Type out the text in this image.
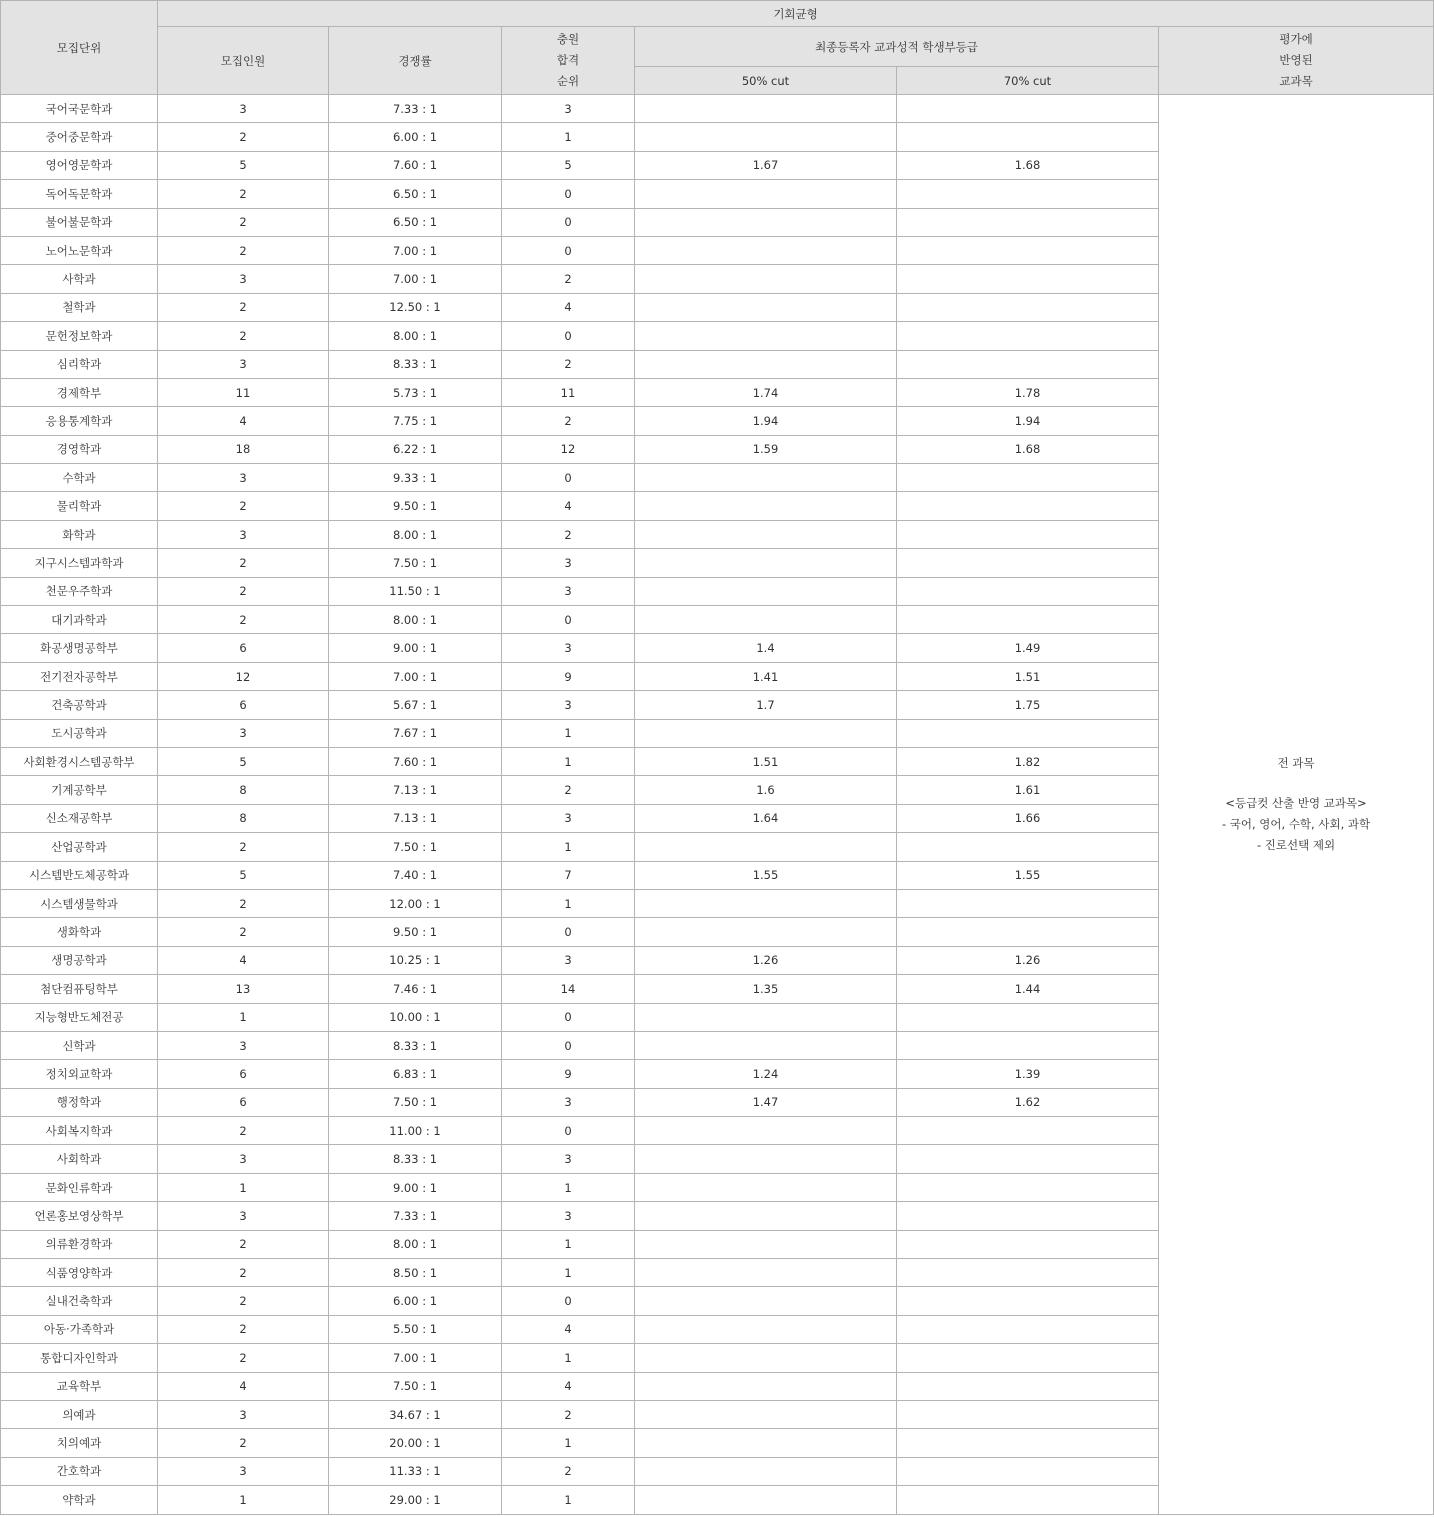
모집단위	기회균형					
	모집인원	경쟁률	충원
합격
순위	최종등록자 교과성적 학생부등급		평가에
반영된
교과목

				50% cut	70% cut	
국어국문학과	3	7.33 : 1	3			전 과목
<등급컷 산출 반영 교과목>
- 국어, 영어, 수학, 사회, 과학
- 진로선택 제외

중어중문학과	2	6.00 : 1	1			
영어영문학과	5	7.60 : 1	5	1.67	1.68	
독어독문학과	2	6.50 : 1	0			
불어불문학과	2	6.50 : 1	0			
노어노문학과	2	7.00 : 1	0			
사학과	3	7.00 : 1	2			
철학과	2	12.50 : 1	4			
문헌정보학과	2	8.00 : 1	0			
심리학과	3	8.33 : 1	2			
경제학부	11	5.73 : 1	11	1.74	1.78	
응용통계학과	4	7.75 : 1	2	1.94	1.94	
경영학과	18	6.22 : 1	12	1.59	1.68	
수학과	3	9.33 : 1	0			
물리학과	2	9.50 : 1	4			
화학과	3	8.00 : 1	2			
지구시스템과학과	2	7.50 : 1	3			
천문우주학과	2	11.50 : 1	3			
대기과학과	2	8.00 : 1	0			
화공생명공학부	6	9.00 : 1	3	1.4	1.49	
전기전자공학부	12	7.00 : 1	9	1.41	1.51	
건축공학과	6	5.67 : 1	3	1.7	1.75	
도시공학과	3	7.67 : 1	1			
사회환경시스템공학부	5	7.60 : 1	1	1.51	1.82	
기계공학부	8	7.13 : 1	2	1.6	1.61	
신소재공학부	8	7.13 : 1	3	1.64	1.66	
산업공학과	2	7.50 : 1	1			
시스템반도체공학과	5	7.40 : 1	7	1.55	1.55	
시스템생물학과	2	12.00 : 1	1			
생화학과	2	9.50 : 1	0			
생명공학과	4	10.25 : 1	3	1.26	1.26	
첨단컴퓨팅학부	13	7.46 : 1	14	1.35	1.44	
지능형반도체전공	1	10.00 : 1	0			
신학과	3	8.33 : 1	0			
정치외교학과	6	6.83 : 1	9	1.24	1.39	
행정학과	6	7.50 : 1	3	1.47	1.62	
사회복지학과	2	11.00 : 1	0			
사회학과	3	8.33 : 1	3			
문화인류학과	1	9.00 : 1	1			
언론홍보영상학부	3	7.33 : 1	3			
의류환경학과	2	8.00 : 1	1			
식품영양학과	2	8.50 : 1	1			
실내건축학과	2	6.00 : 1	0			
아동·가족학과	2	5.50 : 1	4			
통합디자인학과	2	7.00 : 1	1			
교육학부	4	7.50 : 1	4			
의예과	3	34.67 : 1	2			
치의예과	2	20.00 : 1	1			
간호학과	3	11.33 : 1	2			
약학과	1	29.00 : 1	1			
